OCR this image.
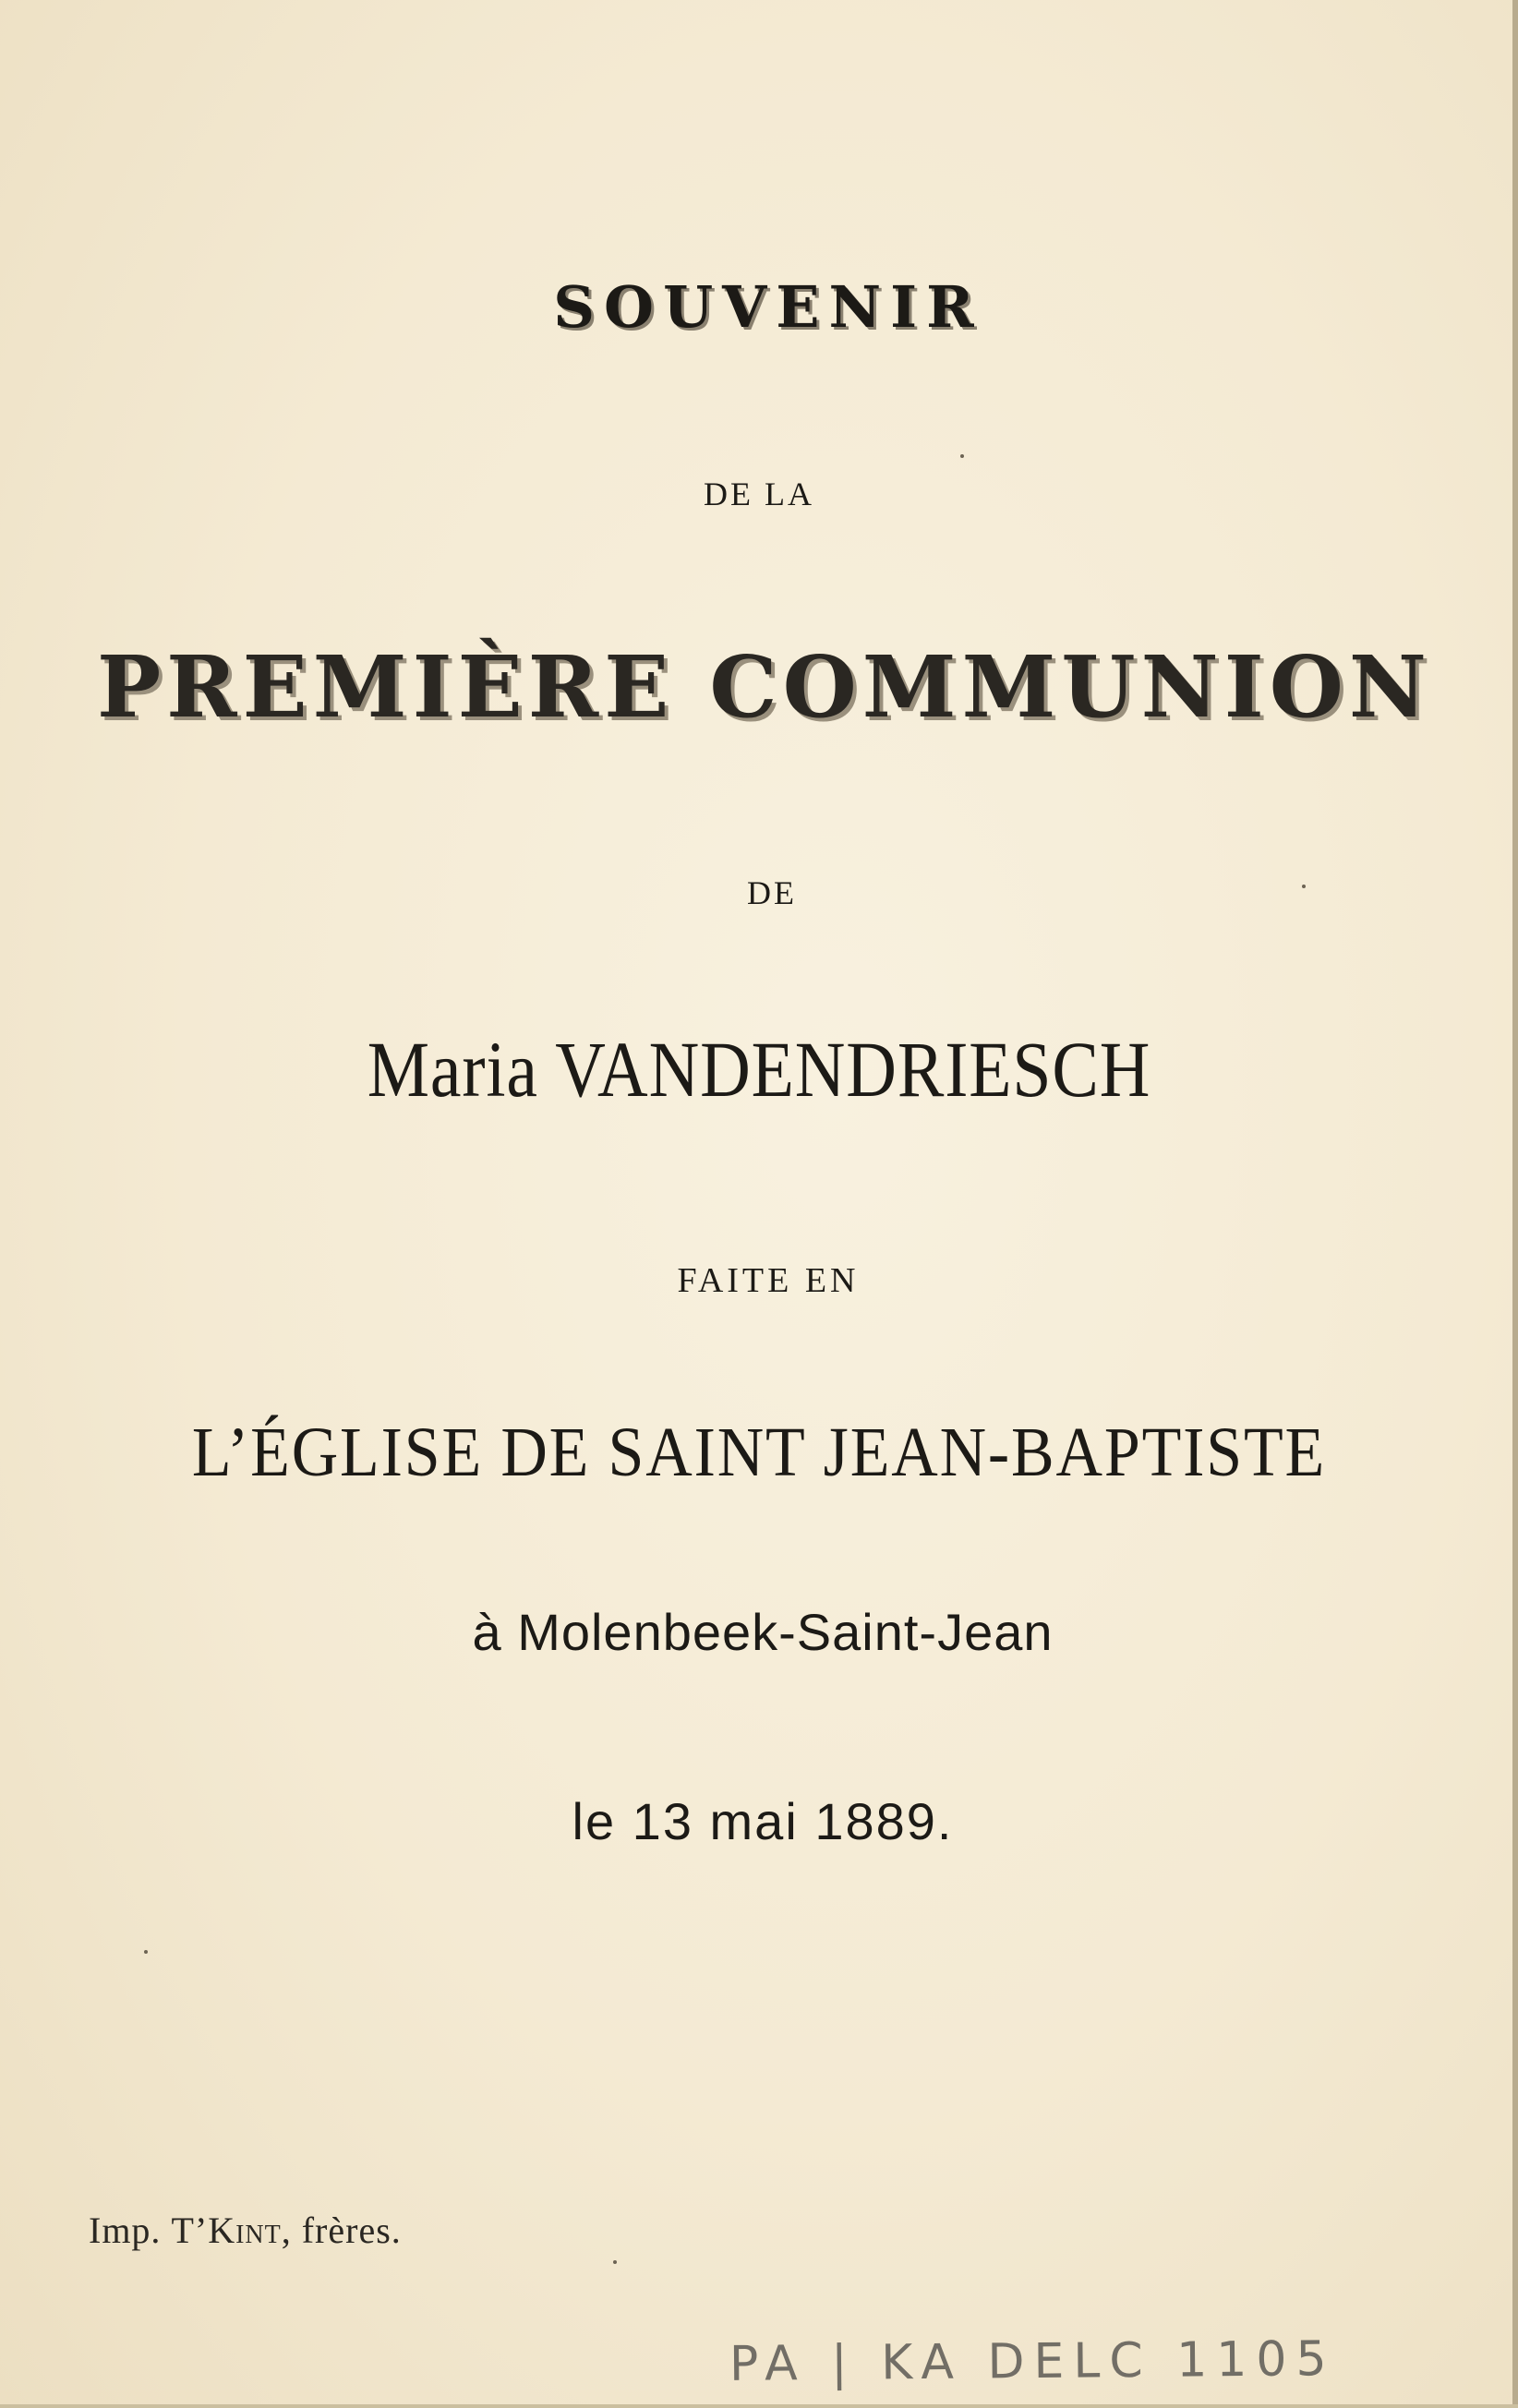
SOUVENIR
DE LA
PREMIÈRE COMMUNION
DE
Maria VANDENDRIESCH
FAITE EN
L’ÉGLISE DE SAINT JEAN-BAPTISTE
à Molenbeek-Saint-Jean
le 13 mai 1889.
Imp. T’Kint, frères.
PA | KA DELC 1105
